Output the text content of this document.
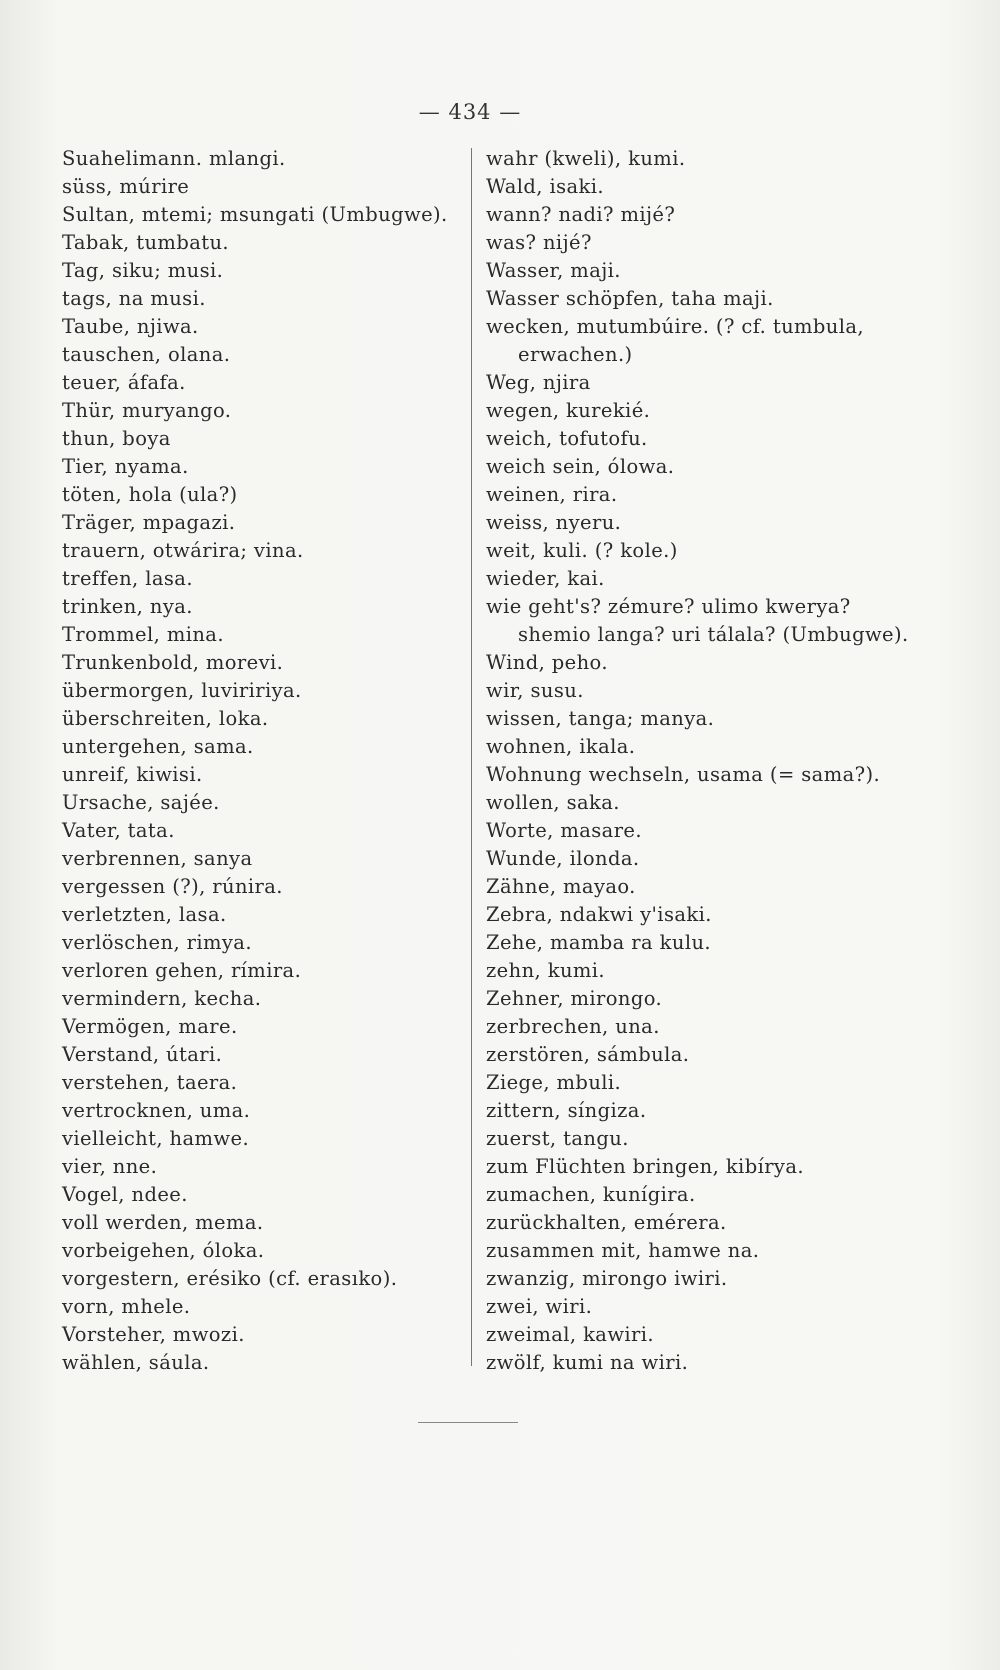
— 434 —
Suahelimann. mlangi.
süss, múrire
Sultan, mtemi; msungati (Umbugwe).
Tabak, tumbatu.
Tag, siku; musi.
tags, na musi.
Taube, njiwa.
tauschen, olana.
teuer, áfafa.
Thür, muryango.
thun, boya
Tier, nyama.
töten, hola (ula?)
Träger, mpagazi.
trauern, otwárira; vina.
treffen, lasa.
trinken, nya.
Trommel, mina.
Trunkenbold, morevi.
übermorgen, luviririya.
überschreiten, loka.
untergehen, sama.
unreif, kiwisi.
Ursache, sajée.
Vater, tata.
verbrennen, sanya
vergessen (?), rúnira.
verletzten, lasa.
verlöschen, rimya.
verloren gehen, rímira.
vermindern, kecha.
Vermögen, mare.
Verstand, útari.
verstehen, taera.
vertrocknen, uma.
vielleicht, hamwe.
vier, nne.
Vogel, ndee.
voll werden, mema.
vorbeigehen, óloka.
vorgestern, erésiko (cf. erasıko).
vorn, mhele.
Vorsteher, mwozi.
wählen, sáula.
wahr (kweli), kumi.
Wald, isaki.
wann? nadi? mijé?
was? nijé?
Wasser, maji.
Wasser schöpfen, taha maji.
wecken, mutumbúire. (? cf. tumbula,
erwachen.)
Weg, njira
wegen, kurekié.
weich, tofutofu.
weich sein, ólowa.
weinen, rira.
weiss, nyeru.
weit, kuli. (? kole.)
wieder, kai.
wie geht's? zémure? ulimo kwerya?
shemio langa? uri tálala? (Umbugwe).
Wind, peho.
wir, susu.
wissen, tanga; manya.
wohnen, ikala.
Wohnung wechseln, usama (= sama?).
wollen, saka.
Worte, masare.
Wunde, ilonda.
Zähne, mayao.
Zebra, ndakwi y'isaki.
Zehe, mamba ra kulu.
zehn, kumi.
Zehner, mirongo.
zerbrechen, una.
zerstören, sámbula.
Ziege, mbuli.
zittern, síngiza.
zuerst, tangu.
zum Flüchten bringen, kibírya.
zumachen, kunígira.
zurückhalten, emérera.
zusammen mit, hamwe na.
zwanzig, mirongo iwiri.
zwei, wiri.
zweimal, kawiri.
zwölf, kumi na wiri.
